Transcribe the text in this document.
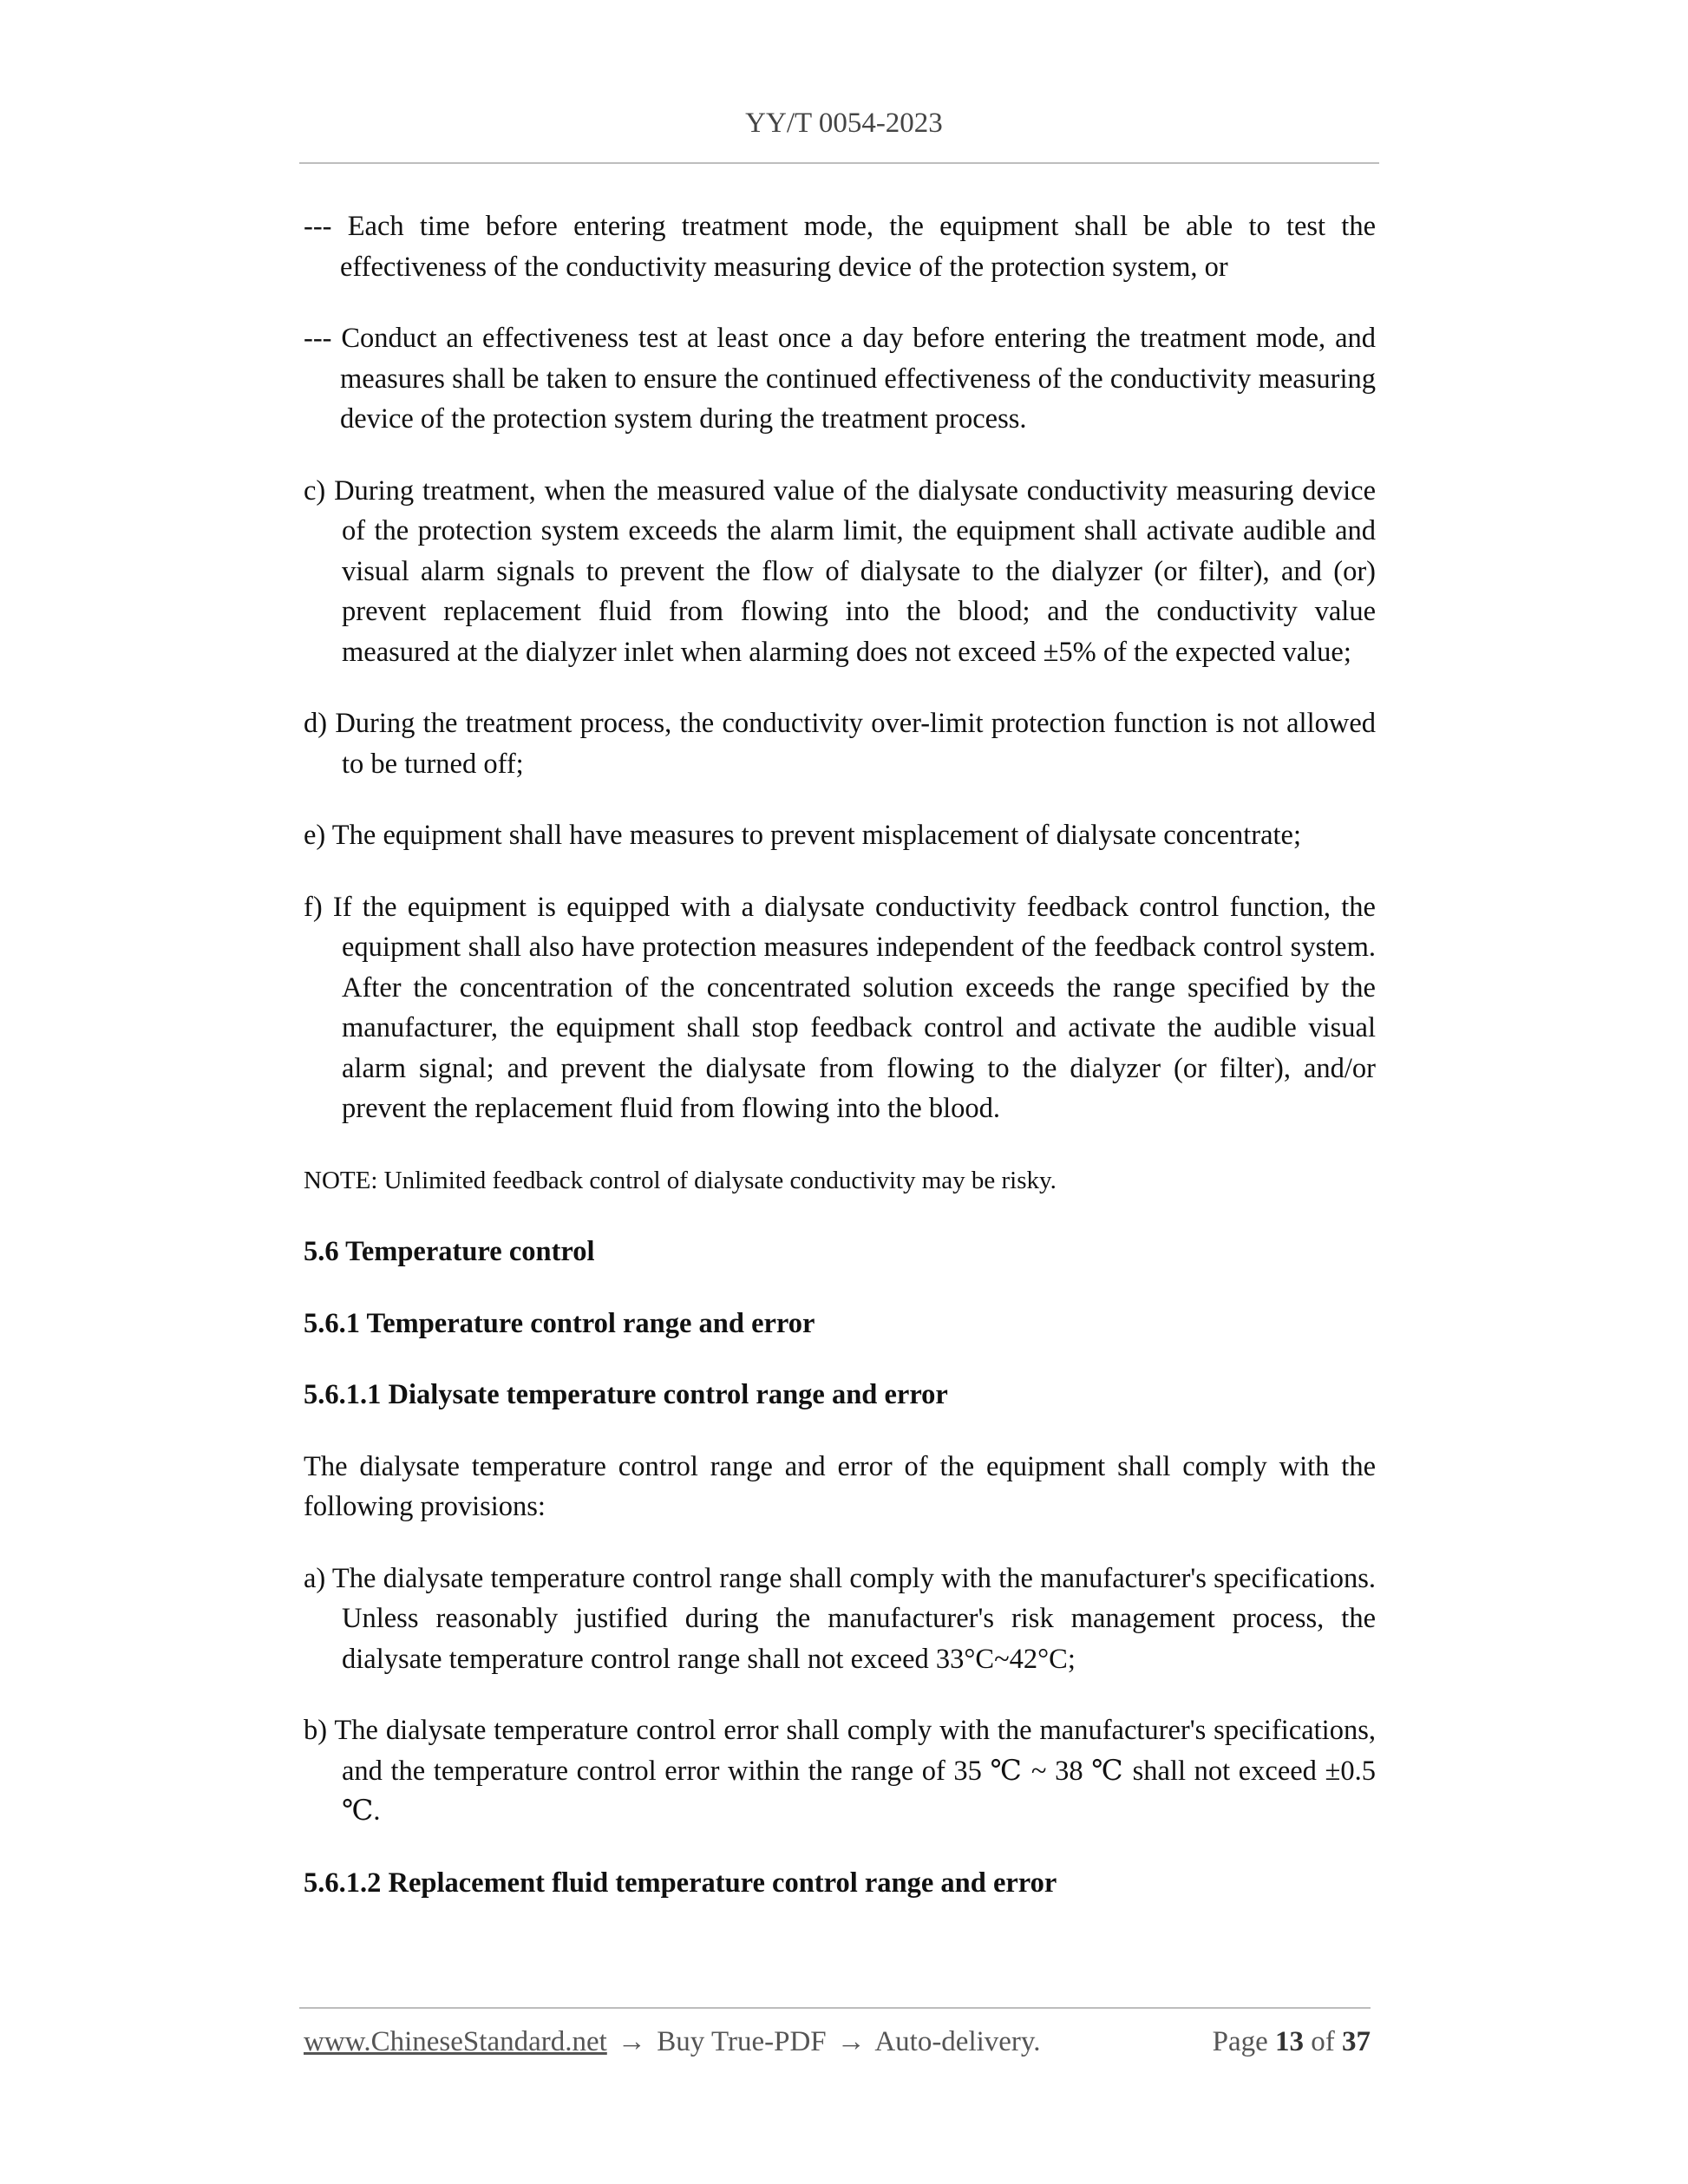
YY/T 0054-2023

--- Each time before entering treatment mode, the equipment shall be able to test the effectiveness of the conductivity measuring device of the protection system, or

--- Conduct an effectiveness test at least once a day before entering the treatment mode, and measures shall be taken to ensure the continued effectiveness of the conductivity measuring device of the protection system during the treatment process.

c) During treatment, when the measured value of the dialysate conductivity measuring device of the protection system exceeds the alarm limit, the equipment shall activate audible and visual alarm signals to prevent the flow of dialysate to the dialyzer (or filter), and (or) prevent replacement fluid from flowing into the blood; and the conductivity value measured at the dialyzer inlet when alarming does not exceed ±5% of the expected value;

d) During the treatment process, the conductivity over-limit protection function is not allowed to be turned off;

e) The equipment shall have measures to prevent misplacement of dialysate concentrate;

f) If the equipment is equipped with a dialysate conductivity feedback control function, the equipment shall also have protection measures independent of the feedback control system. After the concentration of the concentrated solution exceeds the range specified by the manufacturer, the equipment shall stop feedback control and activate the audible visual alarm signal; and prevent the dialysate from flowing to the dialyzer (or filter), and/or prevent the replacement fluid from flowing into the blood.

NOTE: Unlimited feedback control of dialysate conductivity may be risky.

5.6 Temperature control

5.6.1 Temperature control range and error

5.6.1.1 Dialysate temperature control range and error

The dialysate temperature control range and error of the equipment shall comply with the following provisions:

a) The dialysate temperature control range shall comply with the manufacturer's specifications. Unless reasonably justified during the manufacturer's risk management process, the dialysate temperature control range shall not exceed 33°C~42°C;

b) The dialysate temperature control error shall comply with the manufacturer's specifications, and the temperature control error within the range of 35 ℃ ~ 38 ℃ shall not exceed ±0.5 ℃.

5.6.1.2 Replacement fluid temperature control range and error

www.ChineseStandard.net → Buy True-PDF → Auto-delivery.	Page 13 of 37
